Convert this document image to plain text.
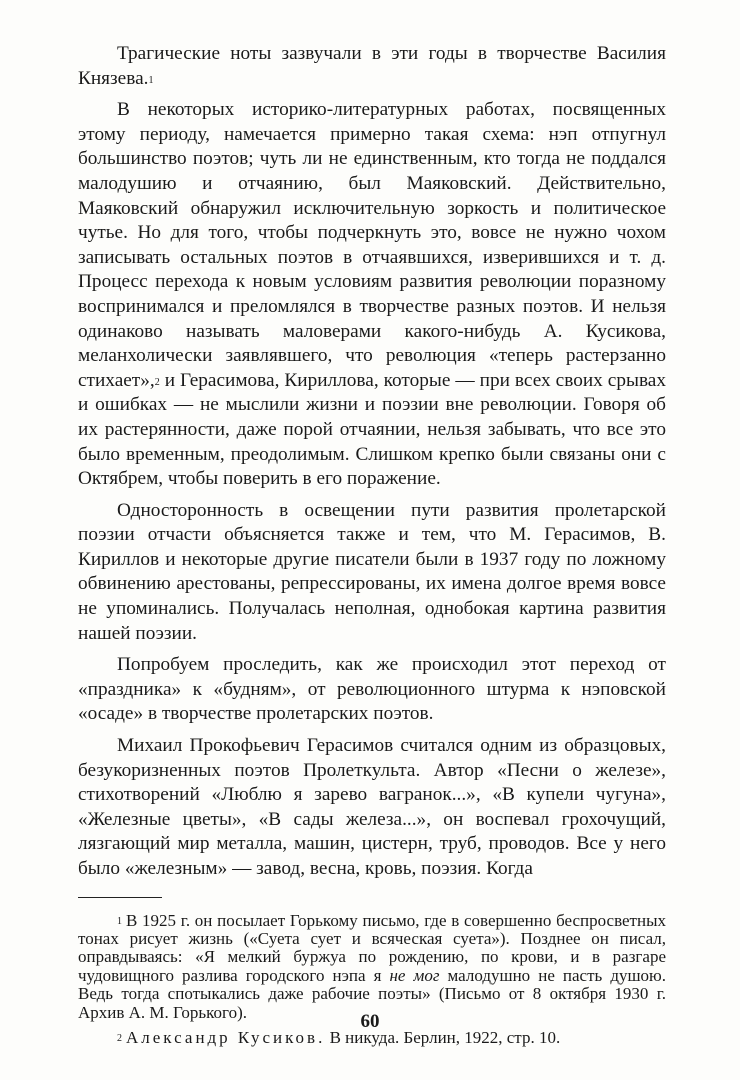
Трагические ноты зазвучали в эти годы в творчестве Василия Князева.$^1$

В некоторых историко-литературных работах, посвященных этому периоду, намечается примерно такая схема: нэп отпугнул большинство поэтов; чуть ли не единственным, кто тогда не поддался малодушию и отчаянию, был Маяковский. Действительно, Маяковский обнаружил исключительную зоркость и политическое чутье. Но для того, чтобы подчеркнуть это, вовсе не нужно чохом записывать остальных поэтов в отчаявшихся, изверившихся и т. д. Процесс перехода к новым условиям развития революции поразному воспринимался и преломлялся в творчестве разных поэтов. И нельзя одинаково называть маловерами какого-нибудь А. Кусикова, меланхолически заявлявшего, что революция «теперь растерзанно стихает»,$^2$ и Герасимова, Кириллова, которые — при всех своих срывах и ошибках — не мыслили жизни и поэзии вне революции. Говоря об их растерянности, даже порой отчаянии, нельзя забывать, что все это было временным, преодолимым. Слишком крепко были связаны они с Октябрем, чтобы поверить в его поражение.

Односторонность в освещении пути развития пролетарской поэзии отчасти объясняется также и тем, что М. Герасимов, В. Кириллов и некоторые другие писатели были в 1937 году по ложному обвинению арестованы, репрессированы, их имена долгое время вовсе не упоминались. Получалась неполная, однобокая картина развития нашей поэзии.

Попробуем проследить, как же происходил этот переход от «праздника» к «будням», от революционного штурма к нэповской «осаде» в творчестве пролетарских поэтов.

Михаил Прокофьевич Герасимов считался одним из образцовых, безукоризненных поэтов Пролеткульта. Автор «Песни о железе», стихотворений «Люблю я зарево вагранок...», «В купели чугуна», «Железные цветы», «В сады железа...», он воспевал грохочущий, лязгающий мир металла, машин, цистерн, труб, проводов. Все у него было «железным» — завод, весна, кровь, поэзия. Когда

$^1$ В 1925 г. он посылает Горькому письмо, где в совершенно беспросветных тонах рисует жизнь («Суета сует и всяческая суета»). Позднее он писал, оправдываясь: «Я мелкий буржуа по рождению, по крови, и в разгаре чудовищного разлива городского нэпа я не мог малодушно не пасть душою. Ведь тогда спотыкались даже рабочие поэты» (Письмо от 8 октября 1930 г. Архив А. М. Горького).

$^2$ Александр Кусиков. В никуда. Берлин, 1922, стр. 10.

60
